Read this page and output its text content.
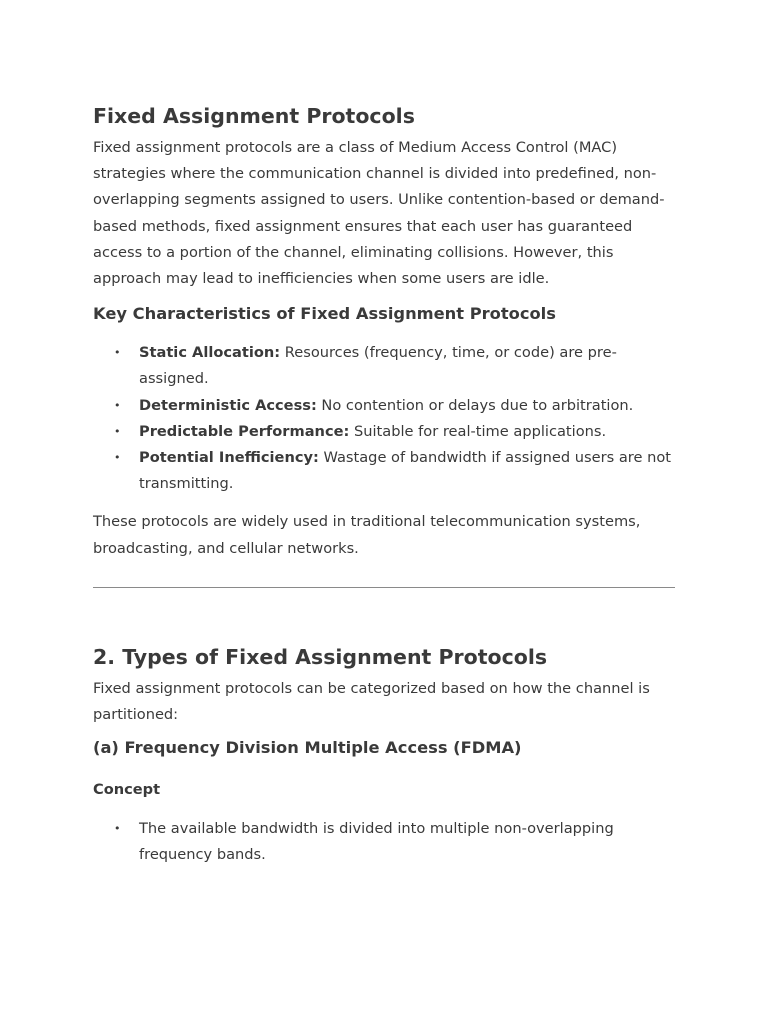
Fixed Assignment Protocols

Fixed assignment protocols are a class of Medium Access Control (MAC) strategies where the communication channel is divided into predefined, non-overlapping segments assigned to users. Unlike contention-based or demand-based methods, fixed assignment ensures that each user has guaranteed access to a portion of the channel, eliminating collisions. However, this approach may lead to inefficiencies when some users are idle.

Key Characteristics of Fixed Assignment Protocols
• Static Allocation: Resources (frequency, time, or code) are pre-assigned.
• Deterministic Access: No contention or delays due to arbitration.
• Predictable Performance: Suitable for real-time applications.
• Potential Inefficiency: Wastage of bandwidth if assigned users are not transmitting.

These protocols are widely used in traditional telecommunication systems, broadcasting, and cellular networks.

2. Types of Fixed Assignment Protocols

Fixed assignment protocols can be categorized based on how the channel is partitioned:

(a) Frequency Division Multiple Access (FDMA)
Concept
• The available bandwidth is divided into multiple non-overlapping frequency bands.
